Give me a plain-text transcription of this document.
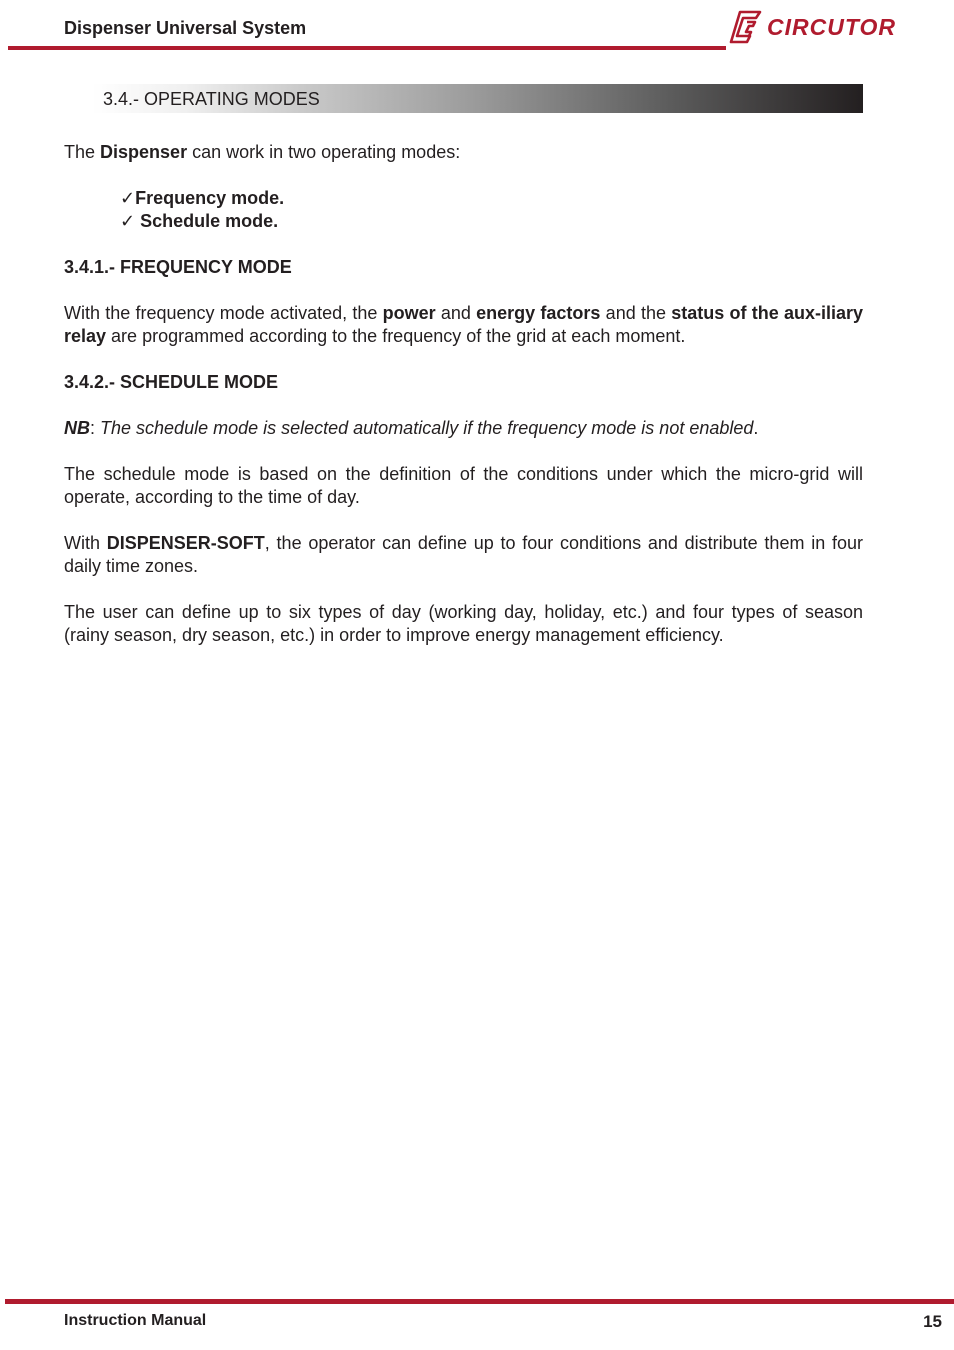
Dispenser Universal System	CIRCUTOR
3.4.- OPERATING MODES

The Dispenser can work in two operating modes:

✓Frequency mode.
✓ Schedule mode.
3.4.1.- FREQUENCY MODE

With the frequency mode activated, the power and energy factors and the status of the aux-iliary relay are programmed according to the frequency of the grid at each moment.

3.4.2.- SCHEDULE MODE

NB: The schedule mode is selected automatically if the frequency mode is not enabled.

The schedule mode is based on the definition of the conditions under which the micro-grid will operate, according to the time of day.

With DISPENSER-SOFT, the operator can define up to four conditions and distribute them in four daily time zones.

The user can define up to six types of day (working day, holiday, etc.) and four types of season (rainy season, dry season, etc.) in order to improve energy management efficiency.

Instruction Manual	15
